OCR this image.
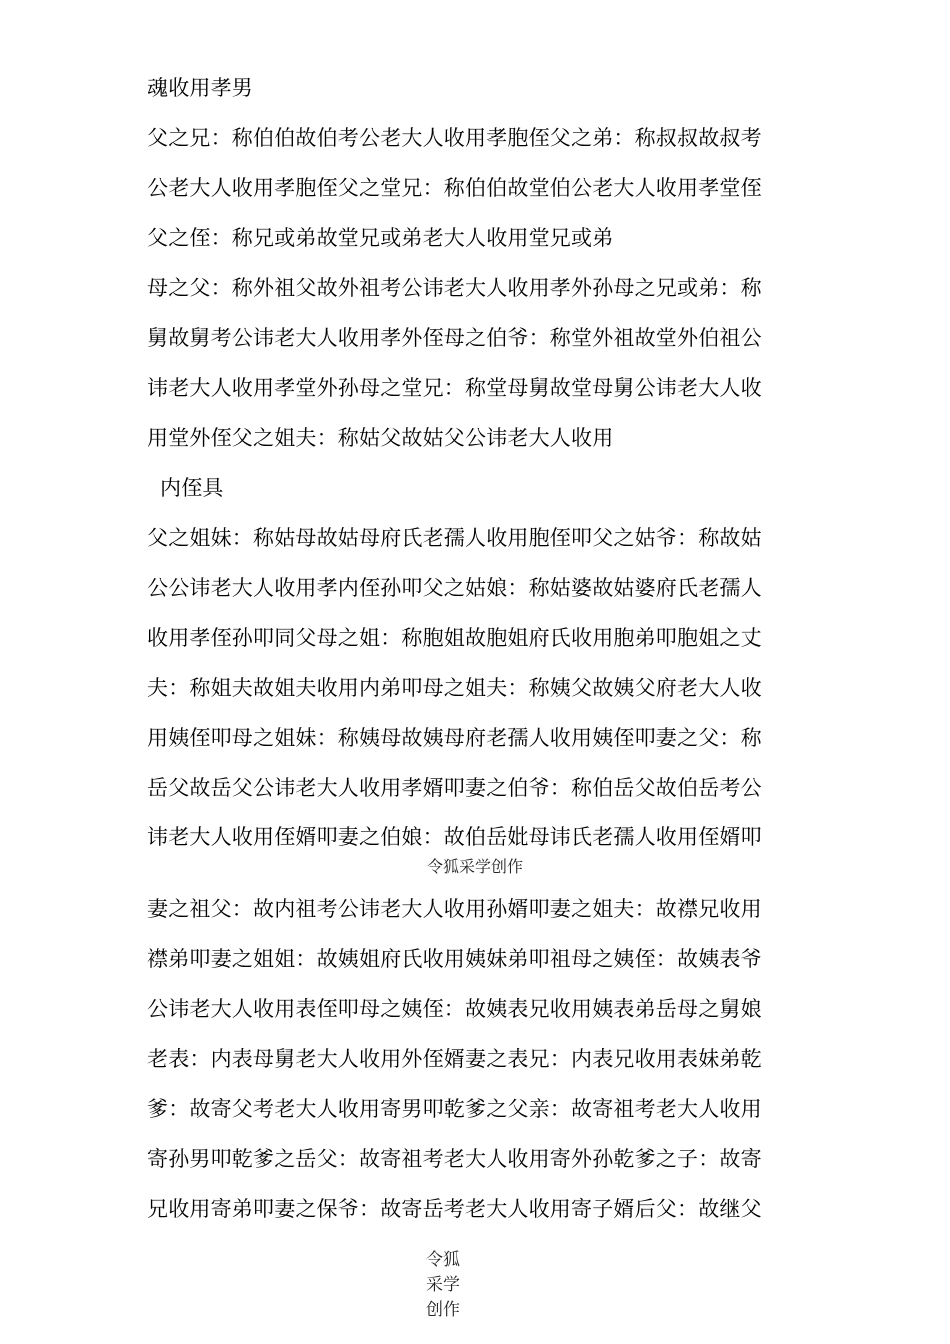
魂收用孝男
父之兄：称伯伯故伯考公老大人收用孝胞侄父之弟：称叔叔故叔考
公老大人收用孝胞侄父之堂兄：称伯伯故堂伯公老大人收用孝堂侄
父之侄：称兄或弟故堂兄或弟老大人收用堂兄或弟
母之父：称外祖父故外祖考公讳老大人收用孝外孙母之兄或弟：称
舅故舅考公讳老大人收用孝外侄母之伯爷：称堂外祖故堂外伯祖公
讳老大人收用孝堂外孙母之堂兄：称堂母舅故堂母舅公讳老大人收
用堂外侄父之姐夫：称姑父故姑父公讳老大人收用
内侄具
父之姐妹：称姑母故姑母府氏老孺人收用胞侄叩父之姑爷：称故姑
公公讳老大人收用孝内侄孙叩父之姑娘：称姑婆故姑婆府氏老孺人
收用孝侄孙叩同父母之姐：称胞姐故胞姐府氏收用胞弟叩胞姐之丈
夫：称姐夫故姐夫收用内弟叩母之姐夫：称姨父故姨父府老大人收
用姨侄叩母之姐妹：称姨母故姨母府老孺人收用姨侄叩妻之父：称
岳父故岳父公讳老大人收用孝婿叩妻之伯爷：称伯岳父故伯岳考公
讳老大人收用侄婿叩妻之伯娘：故伯岳妣母讳氏老孺人收用侄婿叩
令狐采学创作
妻之祖父：故内祖考公讳老大人收用孙婿叩妻之姐夫：故襟兄收用
襟弟叩妻之姐姐：故姨姐府氏收用姨妹弟叩祖母之姨侄：故姨表爷
公讳老大人收用表侄叩母之姨侄：故姨表兄收用姨表弟岳母之舅娘
老表：内表母舅老大人收用外侄婿妻之表兄：内表兄收用表妹弟乾
爹：故寄父考老大人收用寄男叩乾爹之父亲：故寄祖考老大人收用
寄孙男叩乾爹之岳父：故寄祖考老大人收用寄外孙乾爹之子：故寄
兄收用寄弟叩妻之保爷：故寄岳考老大人收用寄子婿后父：故继父
令狐
采学
创作
